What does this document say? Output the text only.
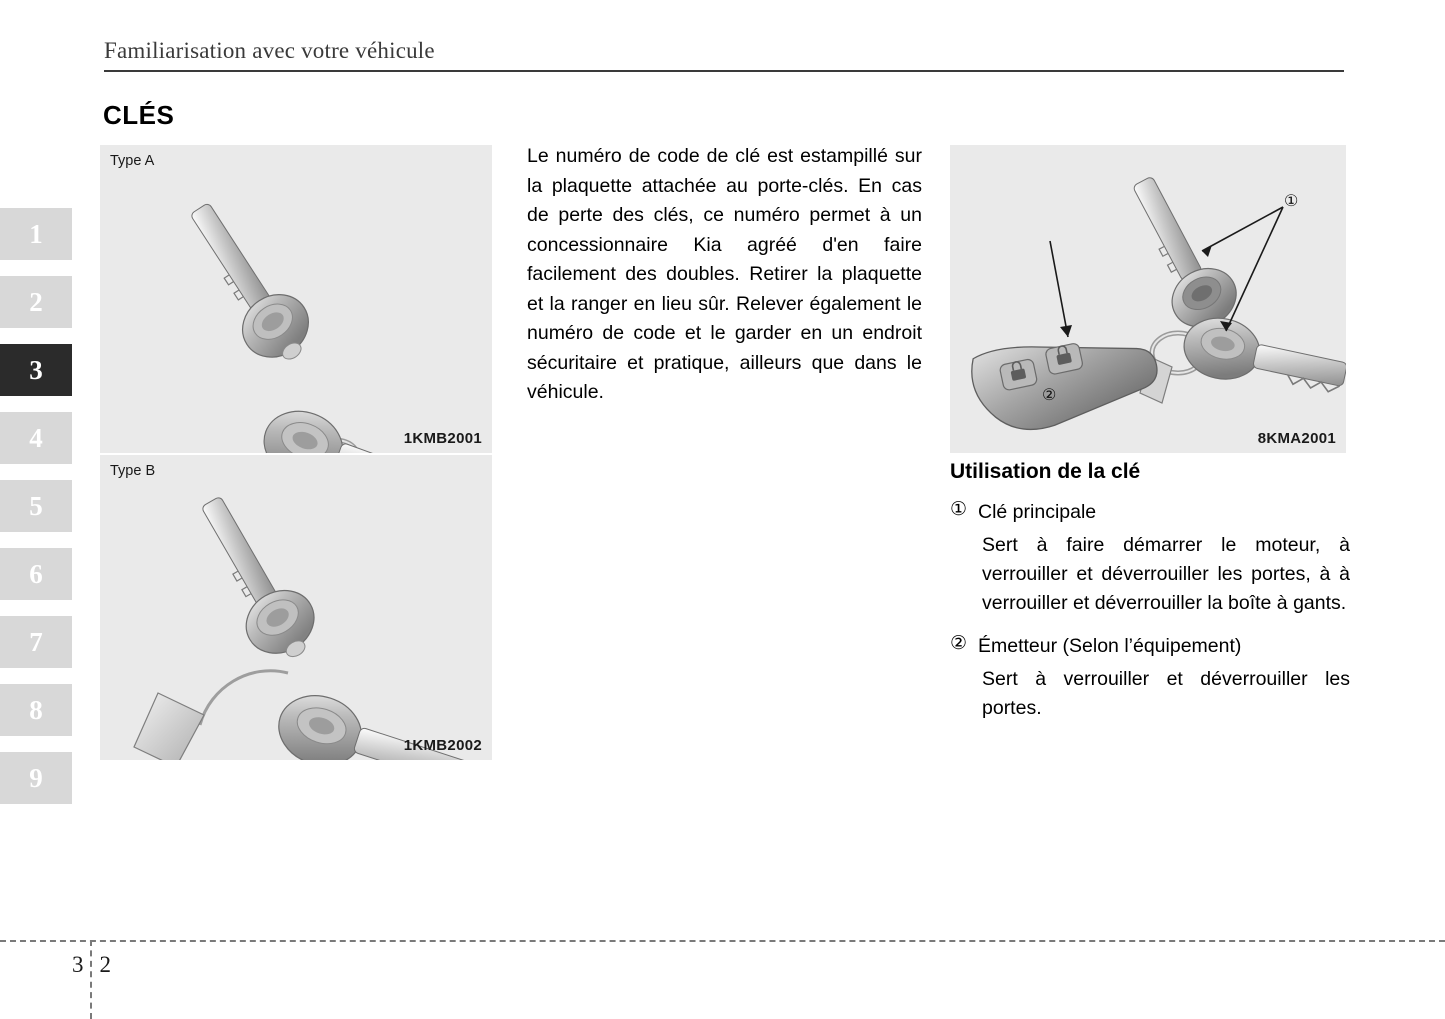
Familiarisation avec votre véhicule
CLÉS
1
2
3
4
5
6
7
8
9
Type A
1KMB2001
Type B
1KMB2002
Le numéro de code de clé est estampillé sur la plaquette attachée au porte-clés. En cas de perte des clés, ce numéro permet à un concessionnaire Kia agréé d'en faire facilement des doubles. Retirer la plaquette et la ranger en lieu sûr. Relever également le numéro de code et le garder en un endroit sécuritaire et pratique, ailleurs que dans le véhicule.
①
②
8KMA2001
Utilisation de la clé
① Clé principale
Sert à faire démarrer le moteur, à verrouiller et déverrouiller les portes, à à verrouiller et déverrouiller la boîte à gants.
② Émetteur (Selon l’équipement)
Sert à verrouiller et déverrouiller les portes.
3 2
